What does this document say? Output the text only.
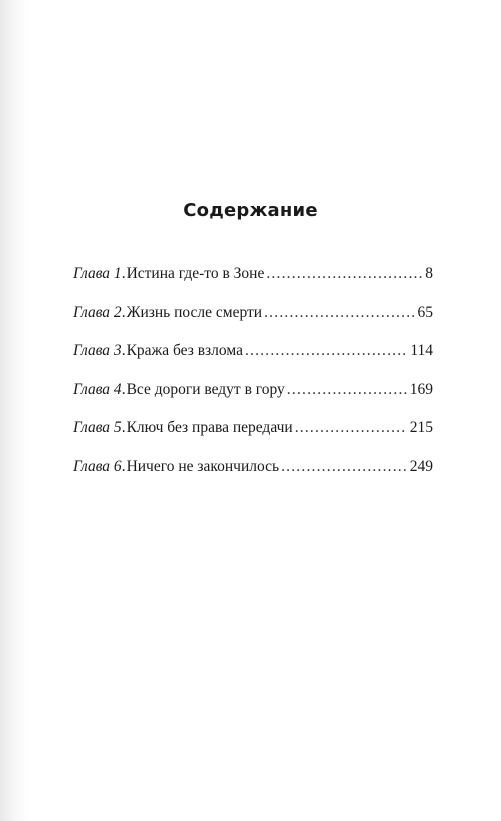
Содержание
Глава 1 . Истина где-то в Зоне .....	8
Глава 2 . Жизнь после смерти .....	65
Глава 3 . Кража без взлома .....	114
Глава 4 . Все дороги ведут в гору .....	169
Глава 5 . Ключ без права передачи .....	215
Глава 6 . Ничего не закончилось .....	249
